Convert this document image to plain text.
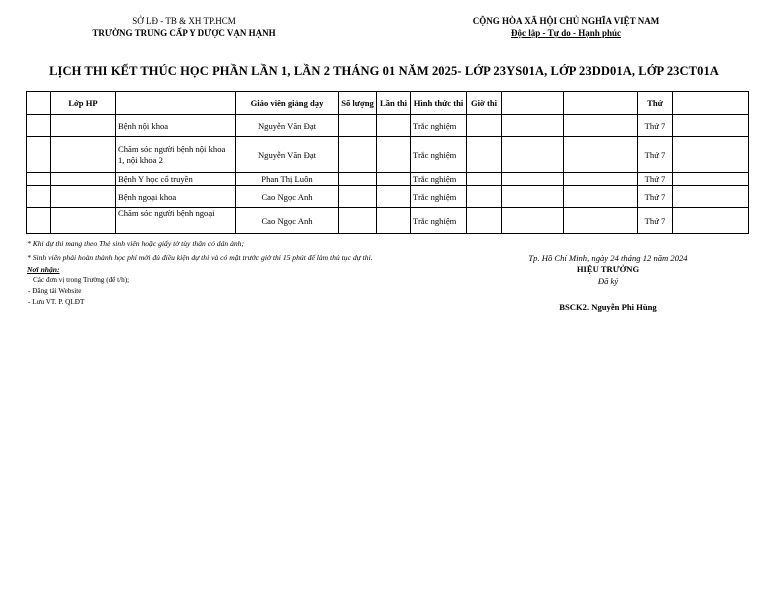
SỞ LĐ - TB & XH TP.HCM
TRƯỜNG TRUNG CẤP Y DƯỢC VẠN HẠNH
CỘNG HÒA XÃ HỘI CHỦ NGHĨA VIỆT NAM
Độc lập - Tự do - Hạnh phúc
LỊCH THI KẾT THÚC HỌC PHẦN LẦN 1, LẦN 2 THÁNG 01 NĂM 2025- LỚP 23YS01A, LỚP 23DD01A, LỚP 23CT01A
	Lớp HP		Giáo viên giảng dạy	Số lượng	Lần thi	Hình thức thi	Giờ thi			Thứ	
		Bệnh nội khoa	Nguyễn Văn Đạt			Trắc nghiệm				Thứ 7	
		Chăm sóc người bệnh nội khoa 1, nội khoa 2	Nguyễn Văn Đạt			Trắc nghiệm				Thứ 7	
		Bệnh Y học cổ truyền	Phan Thị Luôn			Trắc nghiệm				Thứ 7	
		Bệnh ngoại khoa	Cao Ngọc Anh			Trắc nghiệm				Thứ 7	
		Chăm sóc người bệnh ngoại	Cao Ngọc Anh			Trắc nghiệm				Thứ 7	
* Khi dự thi mang theo Thẻ sinh viên hoặc giấy tờ tùy thân có dán ảnh;
* Sinh viên phải hoàn thành học phí mới đủ điều kiện dự thi và có mặt trước giờ thi 15 phút để làm thủ tục dự thi.
Nơi nhận:
Các đơn vị trong Trường (để t/h);
- Đăng tải Website
- Lưu VT. P. QLĐT
Tp. Hồ Chí Minh, ngày 24 tháng 12 năm 2024
HIỆU TRƯỞNG
Đã ký
BSCK2. Nguyễn Phi Hùng
